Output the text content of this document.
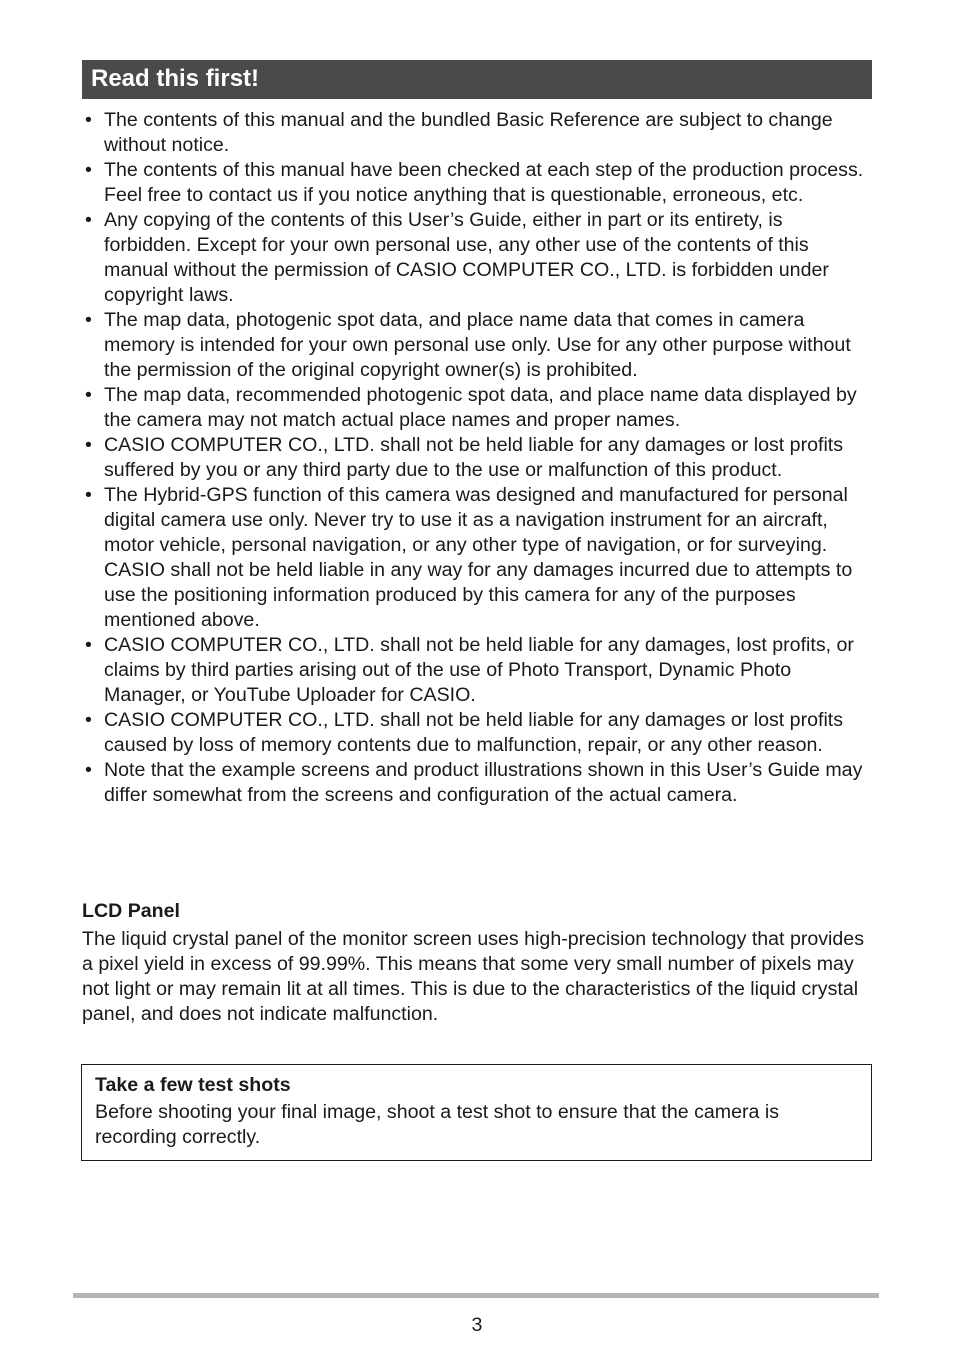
Read this first!
• The contents of this manual and the bundled Basic Reference are subject to change without notice.
• The contents of this manual have been checked at each step of the production process. Feel free to contact us if you notice anything that is questionable, erroneous, etc.
• Any copying of the contents of this User’s Guide, either in part or its entirety, is forbidden. Except for your own personal use, any other use of the contents of this manual without the permission of CASIO COMPUTER CO., LTD. is forbidden under copyright laws.
• The map data, photogenic spot data, and place name data that comes in camera memory is intended for your own personal use only. Use for any other purpose without the permission of the original copyright owner(s) is prohibited.
• The map data, recommended photogenic spot data, and place name data displayed by the camera may not match actual place names and proper names.
• CASIO COMPUTER CO., LTD. shall not be held liable for any damages or lost profits suffered by you or any third party due to the use or malfunction of this product.
• The Hybrid-GPS function of this camera was designed and manufactured for personal digital camera use only. Never try to use it as a navigation instrument for an aircraft, motor vehicle, personal navigation, or any other type of navigation, or for surveying. CASIO shall not be held liable in any way for any damages incurred due to attempts to use the positioning information produced by this camera for any of the purposes mentioned above.
• CASIO COMPUTER CO., LTD. shall not be held liable for any damages, lost profits, or claims by third parties arising out of the use of Photo Transport, Dynamic Photo Manager, or YouTube Uploader for CASIO.
• CASIO COMPUTER CO., LTD. shall not be held liable for any damages or lost profits caused by loss of memory contents due to malfunction, repair, or any other reason.
• Note that the example screens and product illustrations shown in this User’s Guide may differ somewhat from the screens and configuration of the actual camera.
LCD Panel

The liquid crystal panel of the monitor screen uses high-precision technology that provides a pixel yield in excess of 99.99%. This means that some very small number of pixels may not light or may remain lit at all times. This is due to the characteristics of the liquid crystal panel, and does not indicate malfunction.

Take a few test shots
Before shooting your final image, shoot a test shot to ensure that the camera is recording correctly.
3
